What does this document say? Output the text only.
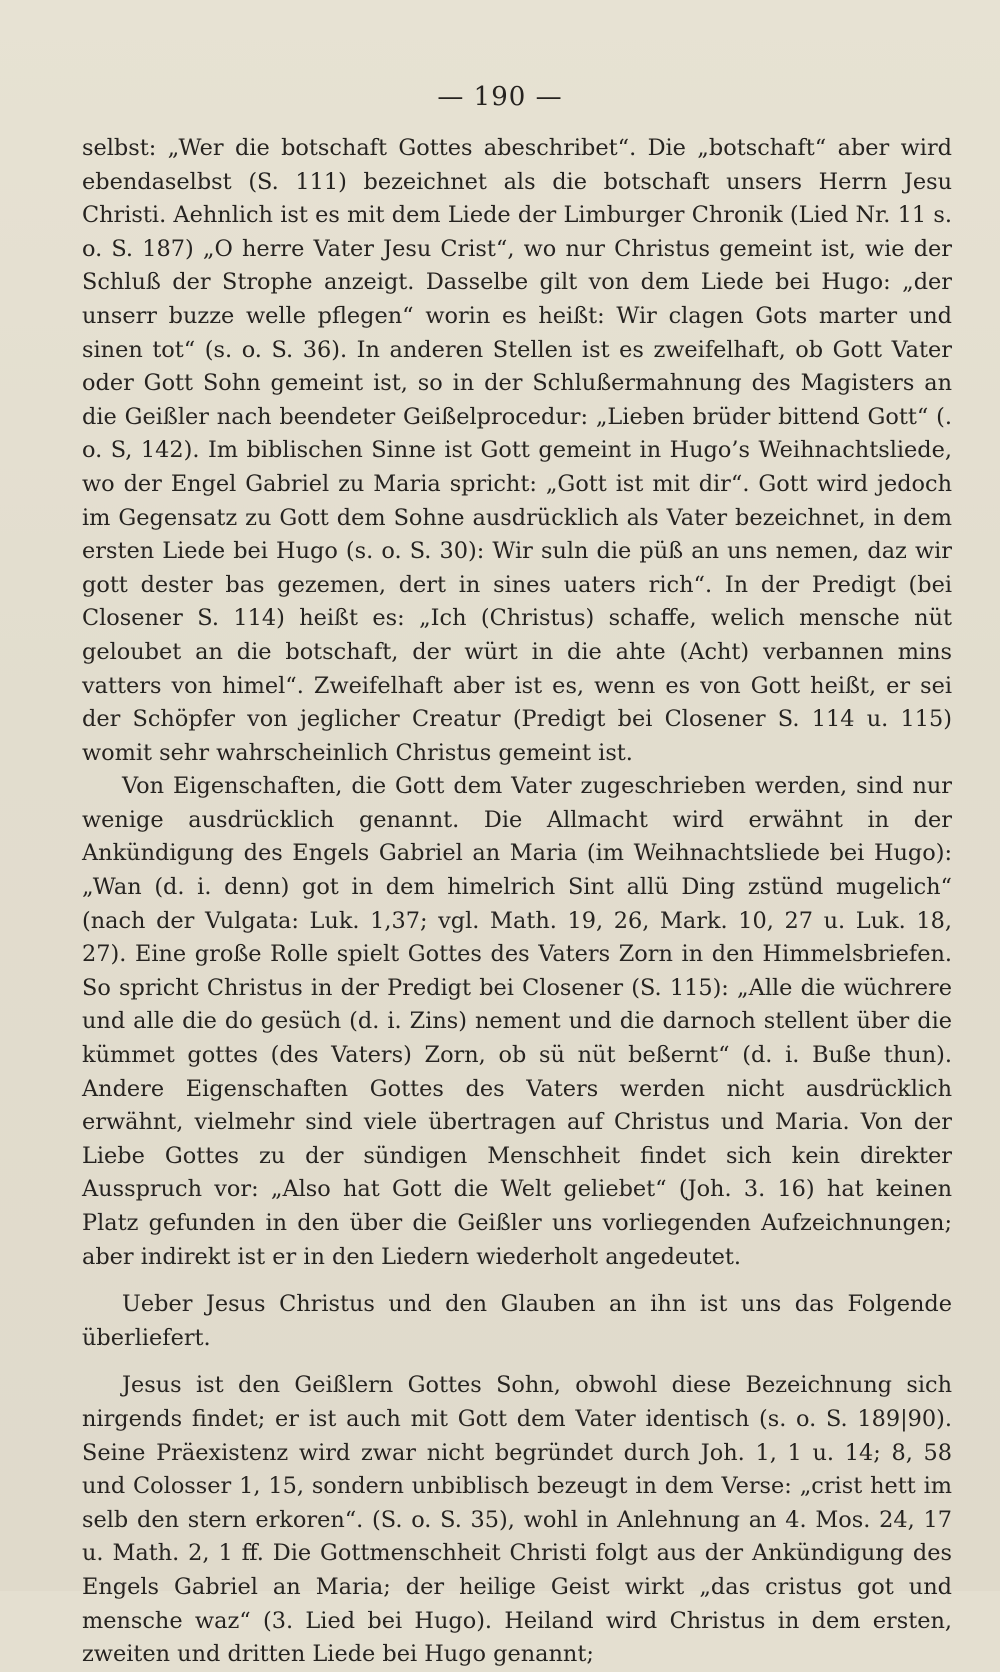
— 190 —

selbst: „Wer die botschaft Gottes abeschribet“. Die „botschaft“ aber wird ebendaselbst (S. 111) bezeichnet als die botschaft unsers Herrn Jesu Christi. Aehnlich ist es mit dem Liede der Limburger Chronik (Lied Nr. 11 s. o. S. 187) „O herre Vater Jesu Crist“, wo nur Christus gemeint ist, wie der Schluß der Strophe anzeigt. Dasselbe gilt von dem Liede bei Hugo: „der unserr buzze welle pflegen“ worin es heißt: Wir clagen Gots marter und sinen tot“ (s. o. S. 36). In anderen Stellen ist es zweifelhaft, ob Gott Vater oder Gott Sohn gemeint ist, so in der Schlußermahnung des Magisters an die Geißler nach beendeter Geißelprocedur: „Lieben brüder bittend Gott“ (. o. S, 142). Im biblischen Sinne ist Gott gemeint in Hugo’s Weihnachtsliede, wo der Engel Gabriel zu Maria spricht: „Gott ist mit dir“. Gott wird jedoch im Gegensatz zu Gott dem Sohne ausdrücklich als Vater bezeichnet, in dem ersten Liede bei Hugo (s. o. S. 30): Wir suln die püß an uns nemen, daz wir gott dester bas gezemen, dert in sines uaters rich“. In der Predigt (bei Closener S. 114) heißt es: „Ich (Christus) schaffe, welich mensche nüt geloubet an die botschaft, der würt in die ahte (Acht) verbannen mins vatters von himel“. Zweifelhaft aber ist es, wenn es von Gott heißt, er sei der Schöpfer von jeglicher Creatur (Predigt bei Closener S. 114 u. 115) womit sehr wahrscheinlich Christus gemeint ist.

Von Eigenschaften, die Gott dem Vater zugeschrieben werden, sind nur wenige ausdrücklich genannt. Die Allmacht wird erwähnt in der Ankündigung des Engels Gabriel an Maria (im Weihnachtsliede bei Hugo): „Wan (d. i. denn) got in dem himelrich Sint allü Ding zstünd mugelich“ (nach der Vulgata: Luk. 1,37; vgl. Math. 19, 26, Mark. 10, 27 u. Luk. 18, 27). Eine große Rolle spielt Gottes des Vaters Zorn in den Himmelsbriefen. So spricht Christus in der Predigt bei Closener (S. 115): „Alle die wüchrere und alle die do gesüch (d. i. Zins) nement und die darnoch stellent über die kümmet gottes (des Vaters) Zorn, ob sü nüt beßernt“ (d. i. Buße thun). Andere Eigenschaften Gottes des Vaters werden nicht ausdrücklich erwähnt, vielmehr sind viele übertragen auf Christus und Maria. Von der Liebe Gottes zu der sündigen Menschheit findet sich kein direkter Ausspruch vor: „Also hat Gott die Welt geliebet“ (Joh. 3. 16) hat keinen Platz gefunden in den über die Geißler uns vorliegenden Aufzeichnungen; aber indirekt ist er in den Liedern wiederholt angedeutet.

Ueber Jesus Christus und den Glauben an ihn ist uns das Folgende überliefert.

Jesus ist den Geißlern Gottes Sohn, obwohl diese Bezeichnung sich nirgends findet; er ist auch mit Gott dem Vater identisch (s. o. S. 189|90). Seine Präexistenz wird zwar nicht begründet durch Joh. 1, 1 u. 14; 8, 58 und Colosser 1, 15, sondern unbiblisch bezeugt in dem Verse: „crist hett im selb den stern erkoren“. (S. o. S. 35), wohl in Anlehnung an 4. Mos. 24, 17 u. Math. 2, 1 ff. Die Gottmenschheit Christi folgt aus der Ankündigung des Engels Gabriel an Maria; der heilige Geist wirkt „das cristus got und mensche waz“ (3. Lied bei Hugo). Heiland wird Christus in dem ersten, zweiten und dritten Liede bei Hugo genannt;
